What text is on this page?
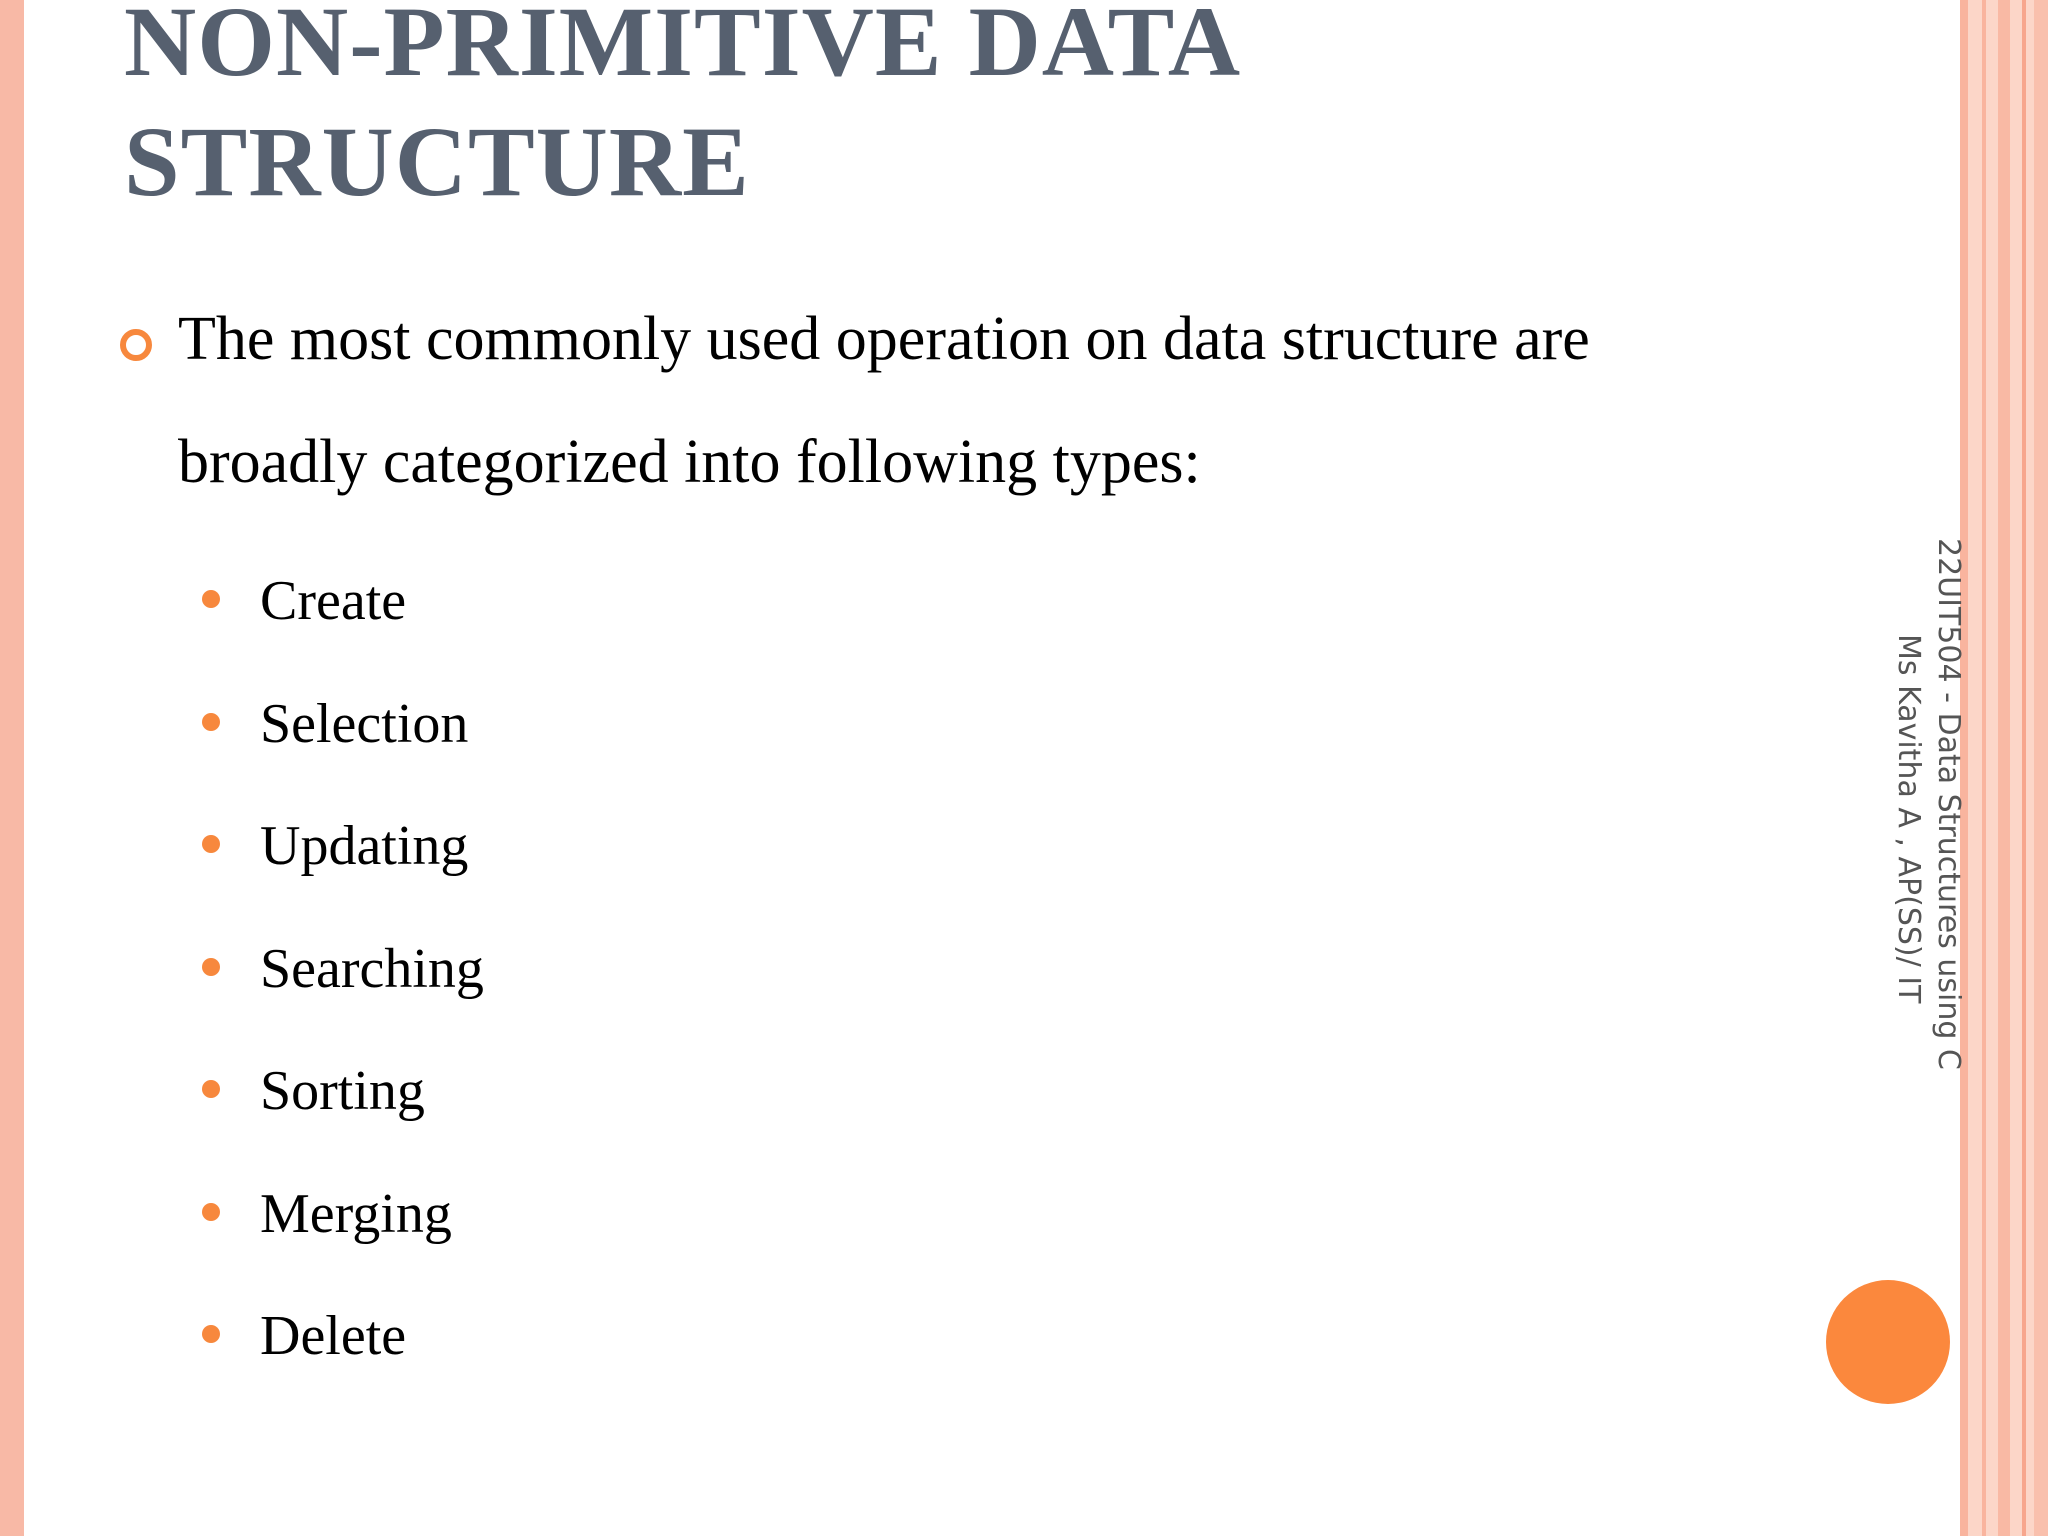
NON-PRIMITIVE DATA
STRUCTURE

The most commonly used operation on data structure are broadly categorized into following types:

Create
Selection
Updating
Searching
Sorting
Merging
Delete
22UIT504 - Data Structures using C
Ms Kavitha A , AP(SS)/ IT
